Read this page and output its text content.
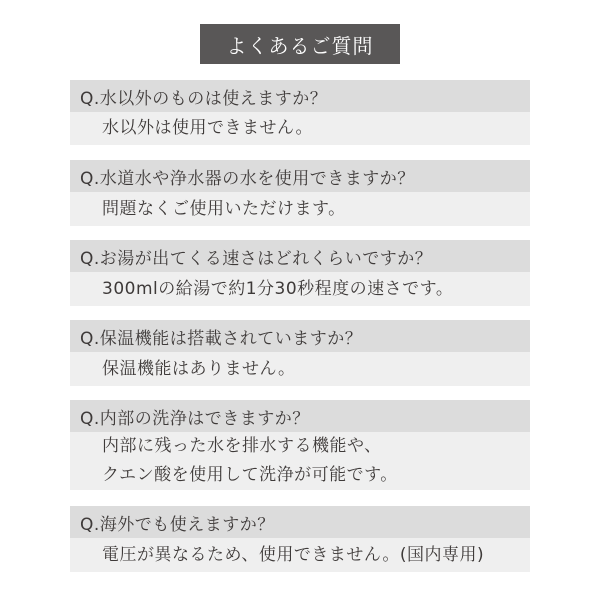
よくあるご質問
Q.水以外のものは使えますか？
水以外は使用できません。
Q.水道水や浄水器の水を使用できますか？
問題なくご使用いただけます。
Q.お湯が出てくる速さはどれくらいですか？
300mlの給湯で約1分30秒程度の速さです。
Q.保温機能は搭載されていますか？
保温機能はありません。
Q.内部の洗浄はできますか？
内部に残った水を排水する機能や、
クエン酸を使用して洗浄が可能です。
Q.海外でも使えますか？
電圧が異なるため、使用できません。(国内専用)
